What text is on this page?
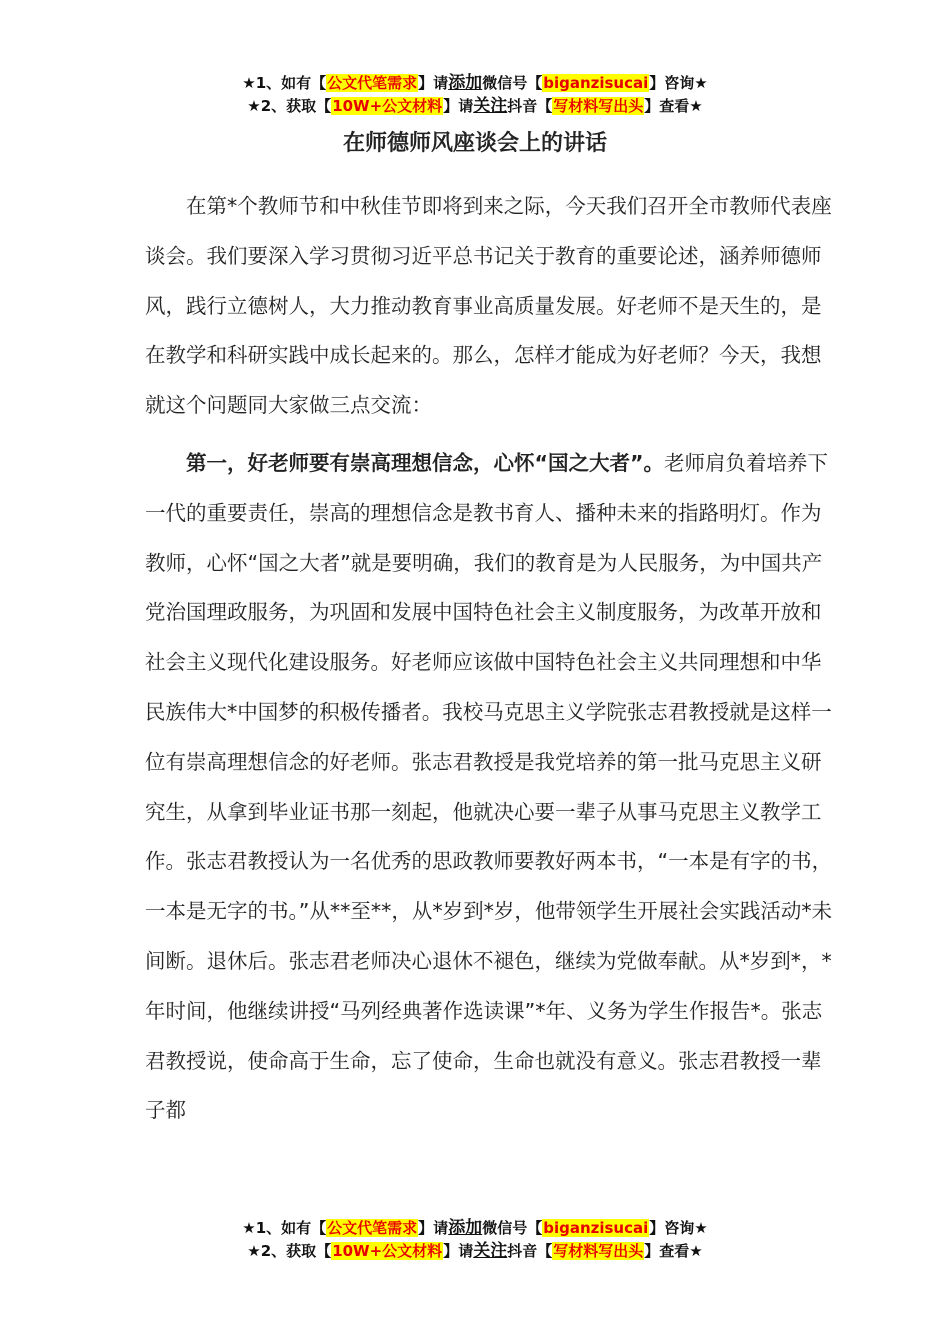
★1、如有【公文代笔需求】请添加微信号【biganzisucai】咨询★
★2、获取【10W+公文材料】请关注抖音【写材料写出头】查看★
在师德师风座谈会上的讲话

在第*个教师节和中秋佳节即将到来之际，今天我们召开全市教师代表座谈会。我们要深入学习贯彻习近平总书记关于教育的重要论述，涵养师德师风，践行立德树人，大力推动教育事业高质量发展。好老师不是天生的，是在教学和科研实践中成长起来的。那么，怎样才能成为好老师？今天，我想就这个问题同大家做三点交流：

第一，好老师要有崇高理想信念，心怀“国之大者”。老师肩负着培养下一代的重要责任，崇高的理想信念是教书育人、播种未来的指路明灯。作为教师，心怀“国之大者”就是要明确，我们的教育是为人民服务，为中国共产党治国理政服务，为巩固和发展中国特色社会主义制度服务，为改革开放和社会主义现代化建设服务。好老师应该做中国特色社会主义共同理想和中华民族伟大*中国梦的积极传播者。我校马克思主义学院张志君教授就是这样一位有崇高理想信念的好老师。张志君教授是我党培养的第一批马克思主义研究生，从拿到毕业证书那一刻起，他就决心要一辈子从事马克思主义教学工作。张志君教授认为一名优秀的思政教师要教好两本书，“一本是有字的书，一本是无字的书。”从**至**，从*岁到*岁，他带领学生开展社会实践活动*未间断。退休后。张志君老师决心退休不褪色，继续为党做奉献。从*岁到*，*年时间，他继续讲授“马列经典著作选读课”*年、义务为学生作报告*。张志君教授说，使命高于生命，忘了使命，生命也就没有意义。张志君教授一辈子都

★1、如有【公文代笔需求】请添加微信号【biganzisucai】咨询★
★2、获取【10W+公文材料】请关注抖音【写材料写出头】查看★
